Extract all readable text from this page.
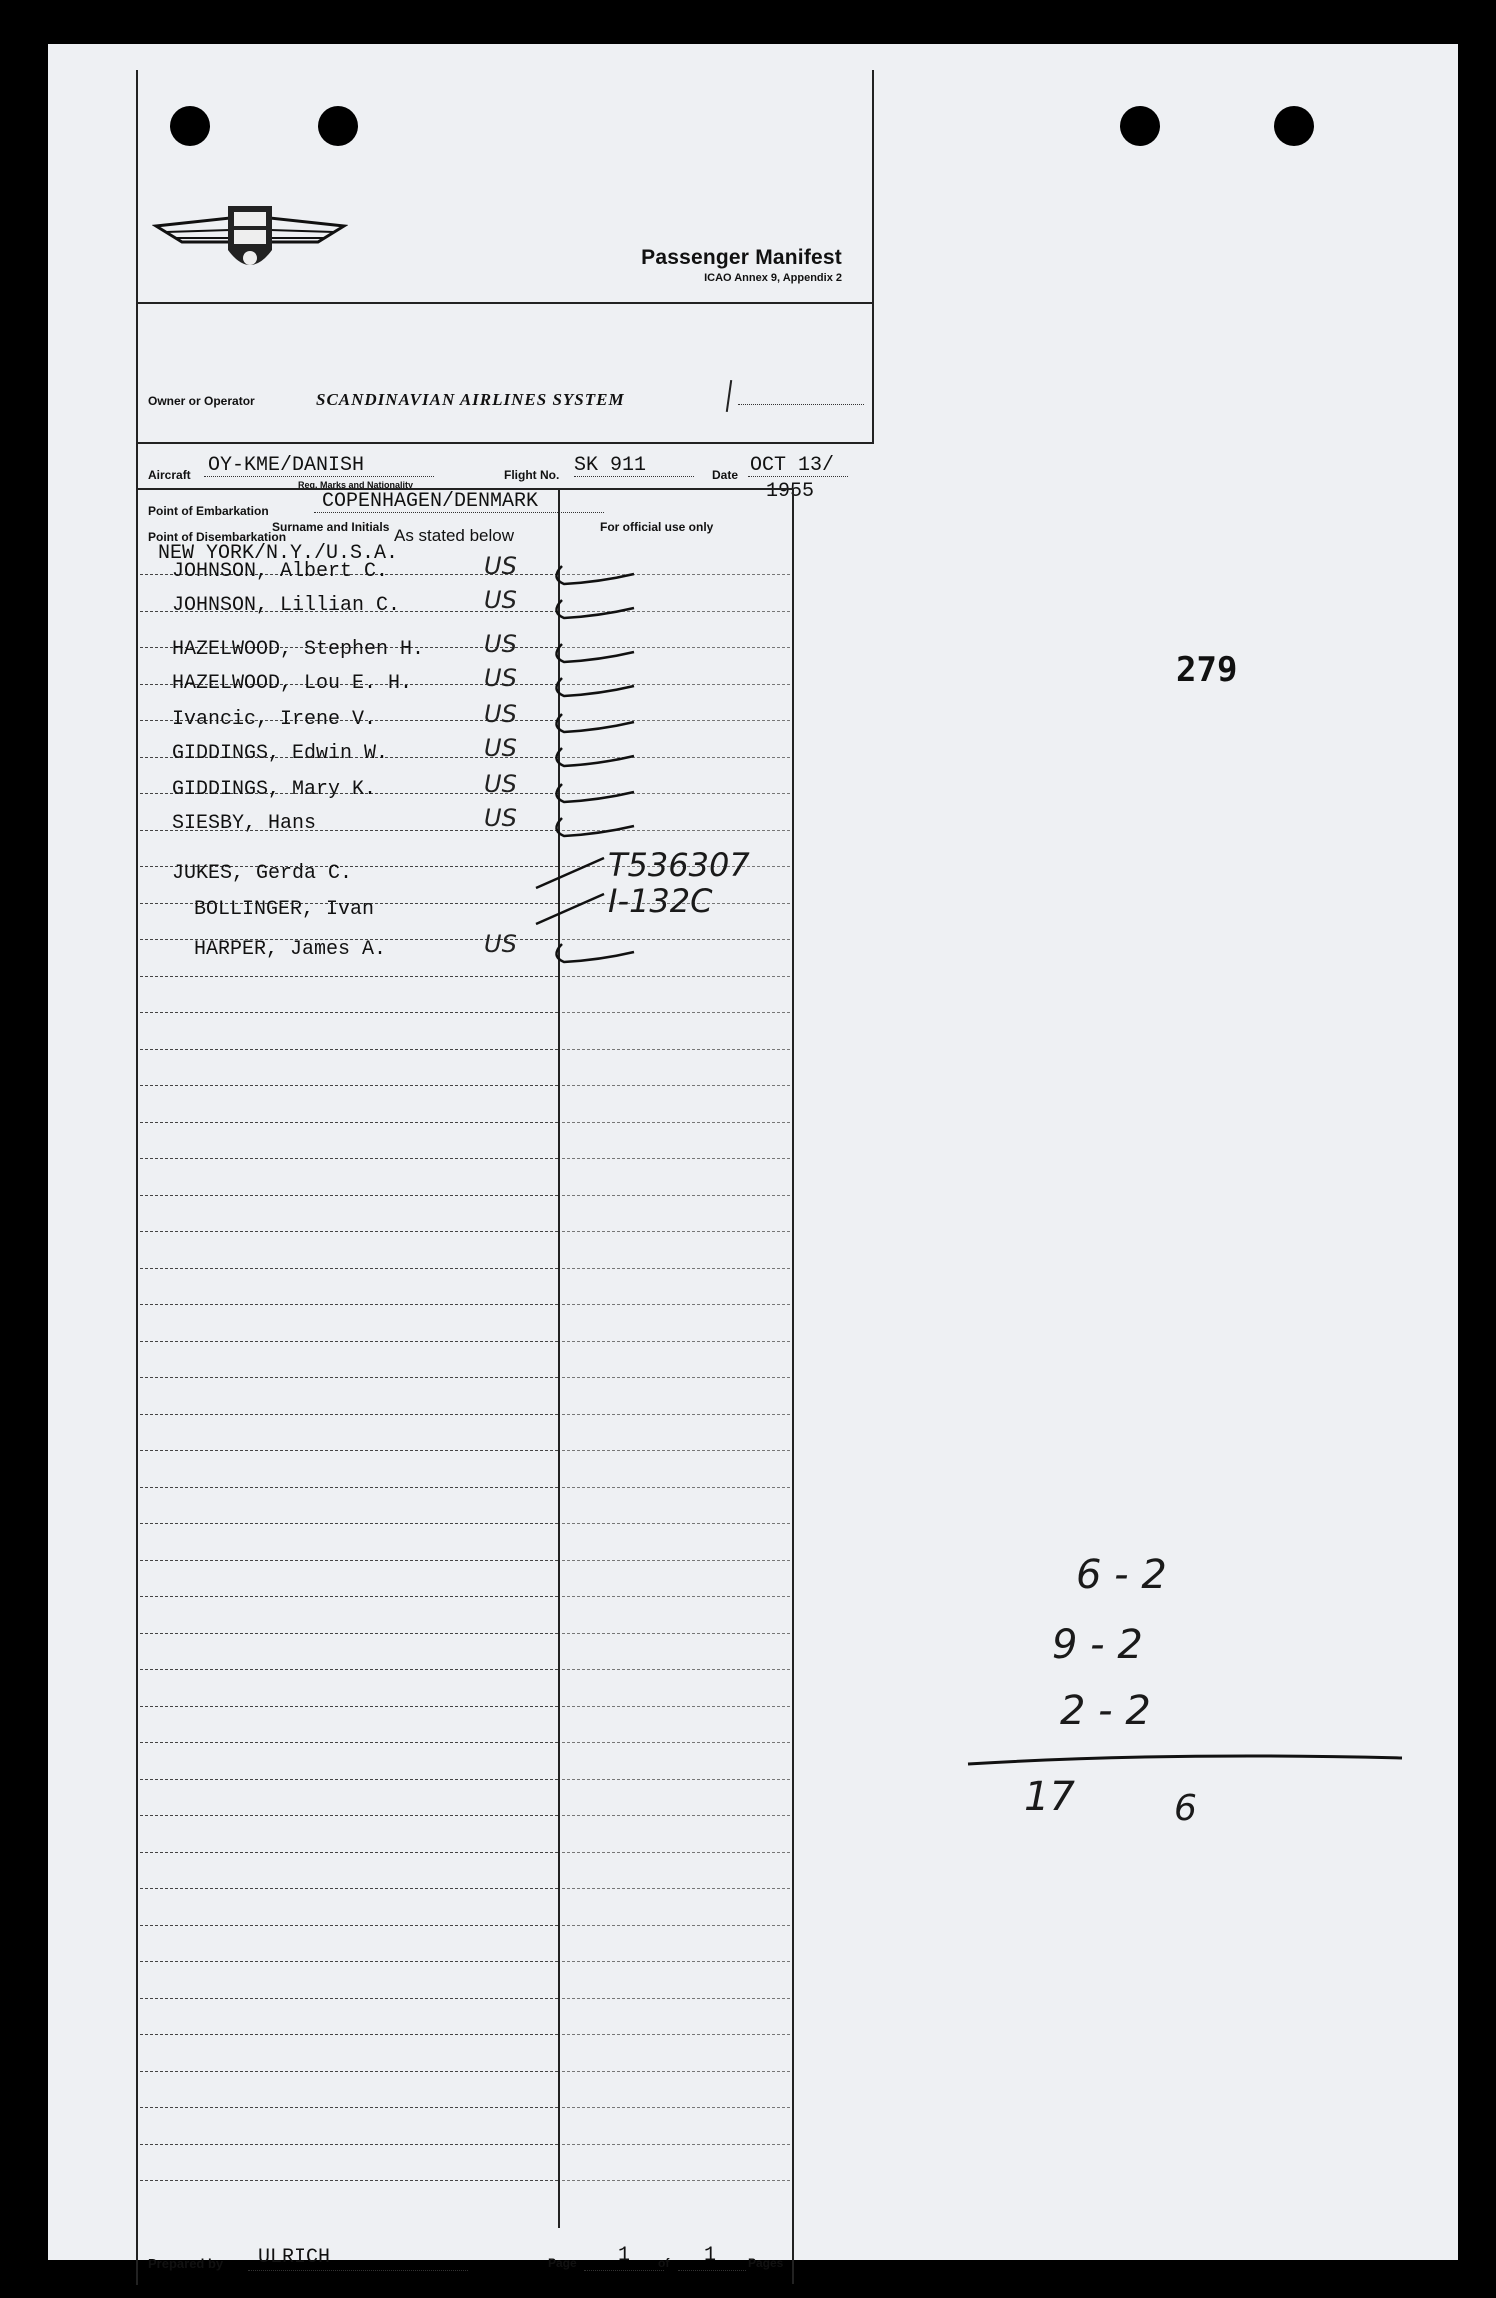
Passenger Manifest
ICAO Annex 9, Appendix 2
Owner or Operator	SCANDINAVIAN AIRLINES SYSTEM
Aircraft OY-KME/DANISH
Reg. Marks and Nationality
Flight No. SK 911	Date OCT 13/
1955
Point of Embarkation	COPENHAGEN/DENMARK
Point of Disembarkation	As stated below
Surname and Initials	For official use only
NEW YORK/N.Y./U.S.A.
JOHNSON, Albert C.	US
JOHNSON, Lillian C.	US
HAZELWOOD, Stephen H. US
HAZELWOOD, Lou E. H.	US
Ivancic, Irene V.	US
GIDDINGS, Edwin W.	US
GIDDINGS, Mary K.	US
SIESBY, Hans	US
JUKES, Gerda C.	T536307
BOLLINGER, Ivan	I-132C
HARPER, James A.	US
Prepared by ULRICH	Page 1 of 1	Pages
279
6 - 2
9 - 2
2 - 2
17	6
